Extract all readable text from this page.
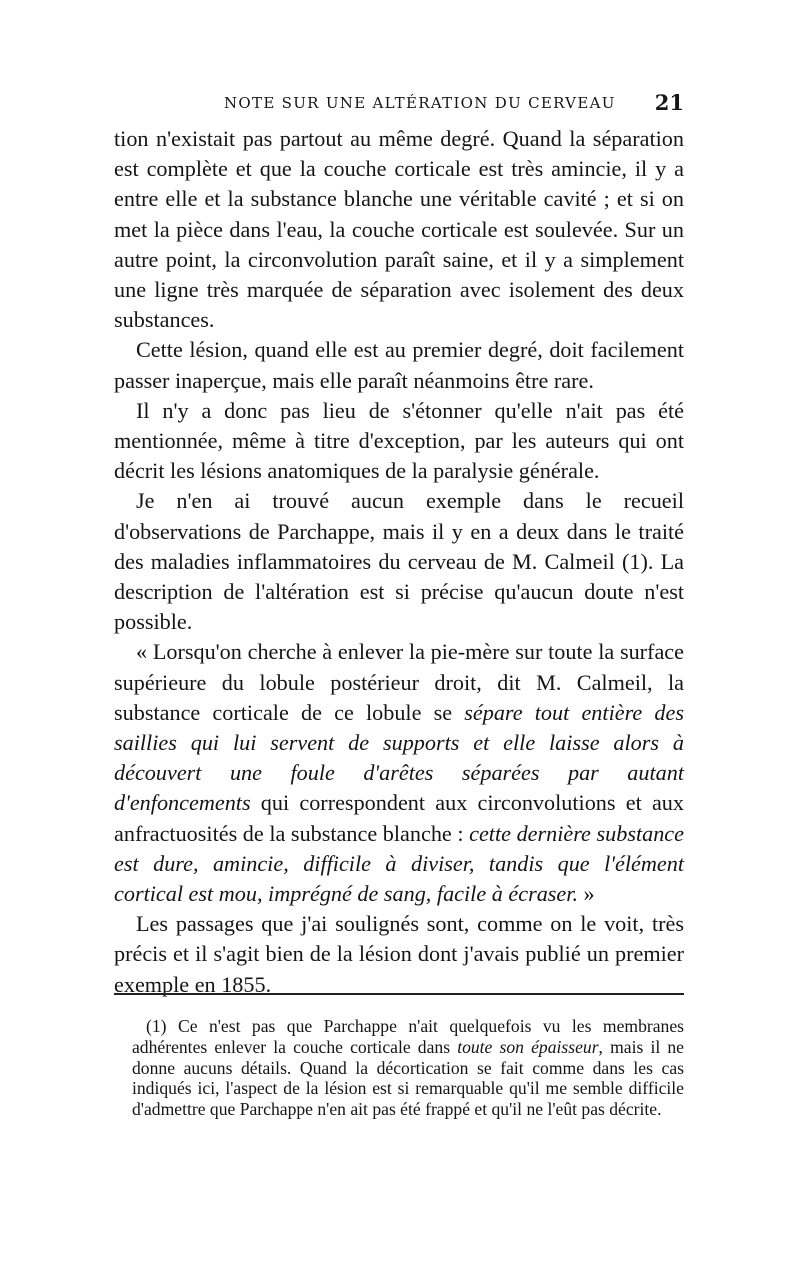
NOTE SUR UNE ALTÉRATION DU CERVEAU 21

tion n'existait pas partout au même degré. Quand la séparation est complète et que la couche corticale est très amincie, il y a entre elle et la substance blanche une véritable cavité ; et si on met la pièce dans l'eau, la couche corticale est soulevée. Sur un autre point, la circonvolution paraît saine, et il y a simplement une ligne très marquée de séparation avec isolement des deux substances.

Cette lésion, quand elle est au premier degré, doit facilement passer inaperçue, mais elle paraît néanmoins être rare.

Il n'y a donc pas lieu de s'étonner qu'elle n'ait pas été mentionnée, même à titre d'exception, par les auteurs qui ont décrit les lésions anatomiques de la paralysie générale.

Je n'en ai trouvé aucun exemple dans le recueil d'observations de Parchappe, mais il y en a deux dans le traité des maladies inflammatoires du cerveau de M. Calmeil (1). La description de l'altération est si précise qu'aucun doute n'est possible.

« Lorsqu'on cherche à enlever la pie-mère sur toute la surface supérieure du lobule postérieur droit, dit M. Calmeil, la substance corticale de ce lobule se sépare tout entière des saillies qui lui servent de supports et elle laisse alors à découvert une foule d'arêtes séparées par autant d'enfoncements qui correspondent aux circonvolutions et aux anfractuosités de la substance blanche : cette dernière substance est dure, amincie, difficile à diviser, tandis que l'élément cortical est mou, imprégné de sang, facile à écraser. »

Les passages que j'ai soulignés sont, comme on le voit, très précis et il s'agit bien de la lésion dont j'avais publié un premier exemple en 1855.

(1) Ce n'est pas que Parchappe n'ait quelquefois vu les membranes adhérentes enlever la couche corticale dans toute son épaisseur, mais il ne donne aucuns détails. Quand la décortication se fait comme dans les cas indiqués ici, l'aspect de la lésion est si remarquable qu'il me semble difficile d'admettre que Parchappe n'en ait pas été frappé et qu'il ne l'eût pas décrite.
